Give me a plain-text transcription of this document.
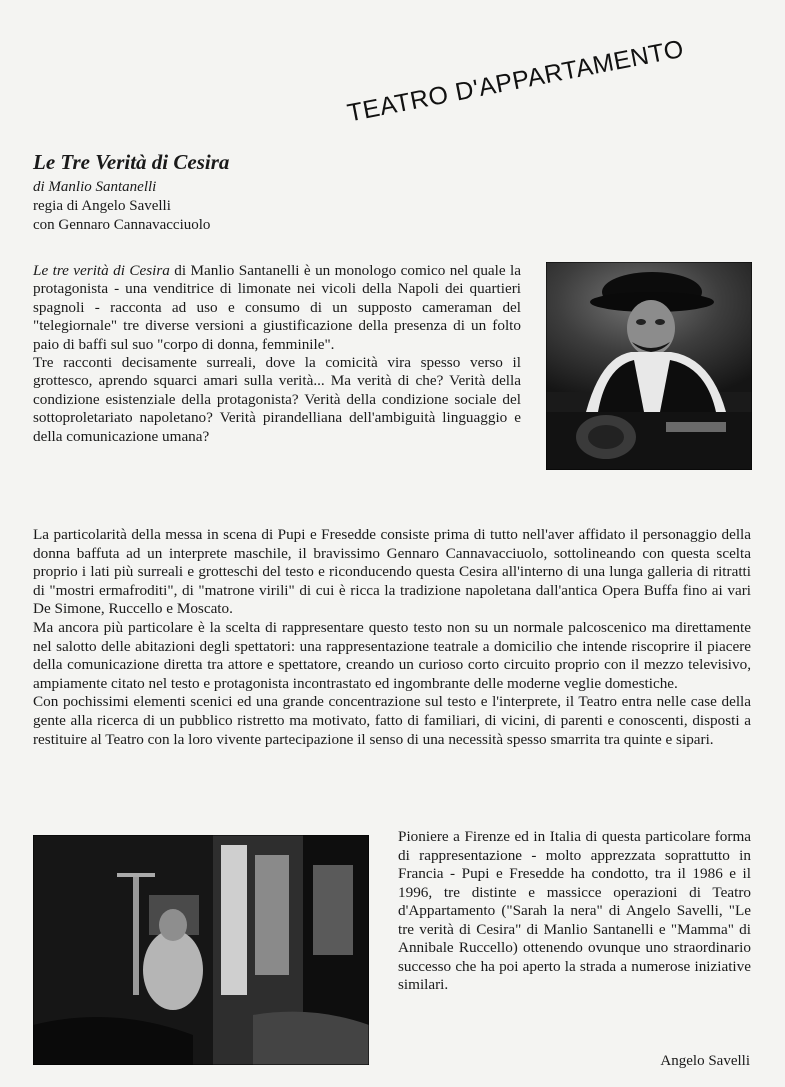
TEATRO D'APPARTAMENTO
Le Tre Verità di Cesira
di Manlio Santanelli
regia di Angelo Savelli
con Gennaro Cannavacciuolo

Le tre verità di Cesira di Manlio Santanelli è un monologo comico nel quale la protagonista - una venditrice di limonate nei vicoli della Napoli dei quartieri spagnoli - racconta ad uso e consumo di un supposto cameraman del "telegiornale" tre diverse versioni a giustificazione della presenza di un folto paio di baffi sul suo "corpo di donna, femminile".

Tre racconti decisamente surreali, dove la comicità vira spesso verso il grottesco, aprendo squarci amari sulla verità... Ma verità di che? Verità della condizione esistenziale della protagonista? Verità della condizione sociale del sottoproletariato napoletano? Verità pirandelliana dell'ambiguità linguaggio e della comunicazione umana?

La particolarità della messa in scena di Pupi e Fresedde consiste prima di tutto nell'aver affidato il personaggio della donna baffuta ad un interprete maschile, il bravissimo Gennaro Cannavacciuolo, sottolineando con questa scelta proprio i lati più surreali e grotteschi del testo e riconducendo questa Cesira all'interno di una lunga galleria di ritratti di "mostri ermafroditi", di "matrone virili" di cui è ricca la tradizione napoletana dall'antica Opera Buffa fino ai vari De Simone, Ruccello e Moscato.

Ma ancora più particolare è la scelta di rappresentare questo testo non su un normale palcoscenico ma direttamente nel salotto delle abitazioni degli spettatori: una rappresentazione teatrale a domicilio che intende riscoprire il piacere della comunicazione diretta tra attore e spettatore, creando un curioso corto circuito proprio con il mezzo televisivo, ampiamente citato nel testo e protagonista incontrastato ed ingombrante delle moderne veglie domestiche.

Con pochissimi elementi scenici ed una grande concentrazione sul testo e l'interprete, il Teatro entra nelle case della gente alla ricerca di un pubblico ristretto ma motivato, fatto di familiari, di vicini, di parenti e conoscenti, disposti a restituire al Teatro con la loro vivente partecipazione il senso di una necessità spesso smarrita tra quinte e sipari.

Pioniere a Firenze ed in Italia di questa particolare forma di rappresentazione - molto apprezzata soprattutto in Francia - Pupi e Fresedde ha condotto, tra il 1986 e il 1996, tre distinte e massicce operazioni di Teatro d'Appartamento ("Sarah la nera" di Angelo Savelli, "Le tre verità di Cesira" di Manlio Santanelli e "Mamma" di Annibale Ruccello) ottenendo ovunque uno straordinario successo che ha poi aperto la strada a numerose iniziative similari.

Angelo Savelli
